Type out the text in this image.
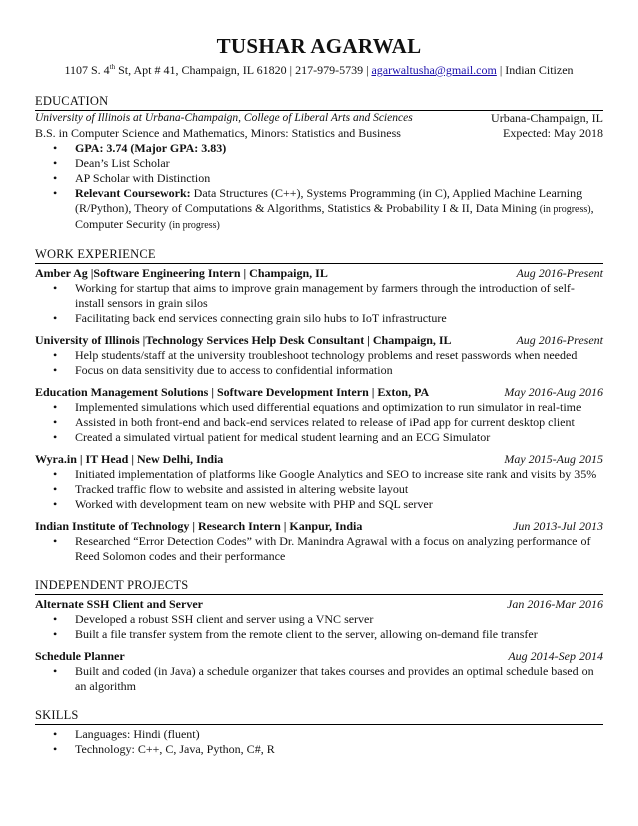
TUSHAR AGARWAL
1107 S. 4th St, Apt # 41, Champaign, IL 61820 | 217-979-5739 | agarwaltusha@gmail.com | Indian Citizen
EDUCATION
University of Illinois at Urbana-Champaign, College of Liberal Arts and Sciences	Urbana-Champaign, IL
B.S. in Computer Science and Mathematics, Minors: Statistics and Business	Expected: May 2018
• GPA: 3.74 (Major GPA: 3.83)
• Dean’s List Scholar
• AP Scholar with Distinction
• Relevant Coursework: Data Structures (C++), Systems Programming (in C), Applied Machine Learning (R/Python), Theory of Computations & Algorithms, Statistics & Probability I & II, Data Mining (in progress), Computer Security (in progress)
WORK EXPERIENCE
Amber Ag |Software Engineering Intern | Champaign, IL	Aug 2016-Present
• Working for startup that aims to improve grain management by farmers through the introduction of self-install sensors in grain silos
• Facilitating back end services connecting grain silo hubs to IoT infrastructure
University of Illinois |Technology Services Help Desk Consultant | Champaign, IL	Aug 2016-Present
• Help students/staff at the university troubleshoot technology problems and reset passwords when needed
• Focus on data sensitivity due to access to confidential information
Education Management Solutions | Software Development Intern | Exton, PA	May 2016-Aug 2016
• Implemented simulations which used differential equations and optimization to run simulator in real-time
• Assisted in both front-end and back-end services related to release of iPad app for current desktop client
• Created a simulated virtual patient for medical student learning and an ECG Simulator
Wyra.in | IT Head | New Delhi, India	May 2015-Aug 2015
• Initiated implementation of platforms like Google Analytics and SEO to increase site rank and visits by 35%
• Tracked traffic flow to website and assisted in altering website layout
• Worked with development team on new website with PHP and SQL server
Indian Institute of Technology | Research Intern | Kanpur, India	Jun 2013-Jul 2013
• Researched “Error Detection Codes” with Dr. Manindra Agrawal with a focus on analyzing performance of Reed Solomon codes and their performance
INDEPENDENT PROJECTS
Alternate SSH Client and Server	Jan 2016-Mar 2016
• Developed a robust SSH client and server using a VNC server
• Built a file transfer system from the remote client to the server, allowing on-demand file transfer
Schedule Planner	Aug 2014-Sep 2014
• Built and coded (in Java) a schedule organizer that takes courses and provides an optimal schedule based on an algorithm
SKILLS
• Languages: Hindi (fluent)
• Technology: C++, C, Java, Python, C#, R
